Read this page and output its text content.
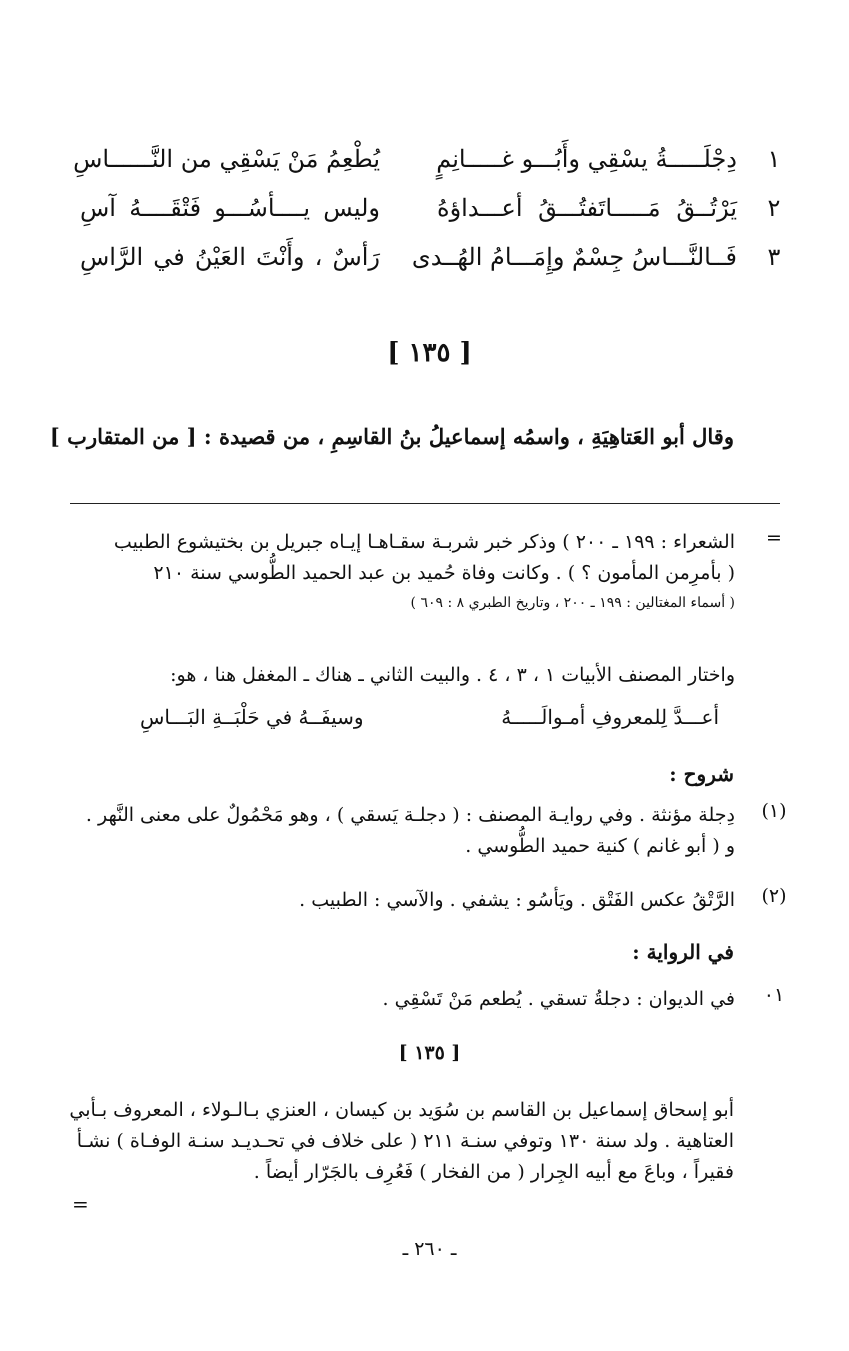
١
دِجْلَـــــةُ يسْقِي وأَبُـــو غـــــانِمٍ
يُطْعِمُ مَنْ يَسْقِي من النَّــــــاسِ
٢
يَرْتُــقُ مَـــــاتَفتُـــقُ أعـــداؤهُ
وليس يــــأسُـــو فَتْقَــــهُ آسِ
٣
فَــالنَّـــاسُ جِسْمٌ وإِمَـــامُ الهُــدى
رَأسٌ ، وأَنْتَ العَيْنُ في الرَّاسِ
[ ١٣٥ ]
وقال أبو العَتاهِيَةِ ، واسمُه إسماعيلُ بنُ القاسِمِ ، من قصيدة : [ من المتقارب ]
=
الشعراء : ١٩٩ ـ ٢٠٠ ) وذكر خبر شربـة سقـاهـا إيـاه جبريل بن بختيشوع الطبيب
( بأمرِمن المأمون ؟ ) . وكانت وفاة حُميد بن عبد الحميد الطُّوسي سنة ٢١٠
( أسماء المغتالين : ١٩٩ ـ ٢٠٠ ، وتاريخ الطبري ٨ : ٦٠٩ )
واختار المصنف الأبيات ١ ، ٣ ، ٤ . والبيت الثاني ـ هناك ـ المغفل هنا ، هو:
أعـــدَّ لِلمعروفِ أمـوالَـــــهُ
وسيفَــهُ في حَلْبَــةِ البَـــاسِ
شروح :
(١)
دِجلة مؤنثة . وفي روايـة المصنف : ( دجلـة يَسقي ) ، وهو مَحْمُولٌ على معنى النَّهر .
و ( أبو غانم ) كنية حميد الطُّوسي .
(٢)
الرَّتْقُ عكس الفَتْق . ويَأسُو : يشفي . والآسي : الطبيب .
في الرواية :
٠١
في الديوان : دجلةُ تسقي . يُطعم مَنْ تَسْقِي .
[ ١٣٥ ]
أبو إسحاق إسماعيل بن القاسم بن سُوَيد بن كيسان ، العنزي بـالـولاء ، المعروف بـأبي
العتاهية . ولد سنة ١٣٠ وتوفي سنـة ٢١١ ( على خلاف في تحـديـد سنـة الوفـاة ) نشـأ
فقيراً ، وباعَ مع أبيه الجِرار ( من الفخار ) فَعُرِف بالجَرّار أيضاً .
=
ـ ٢٦٠ ـ
